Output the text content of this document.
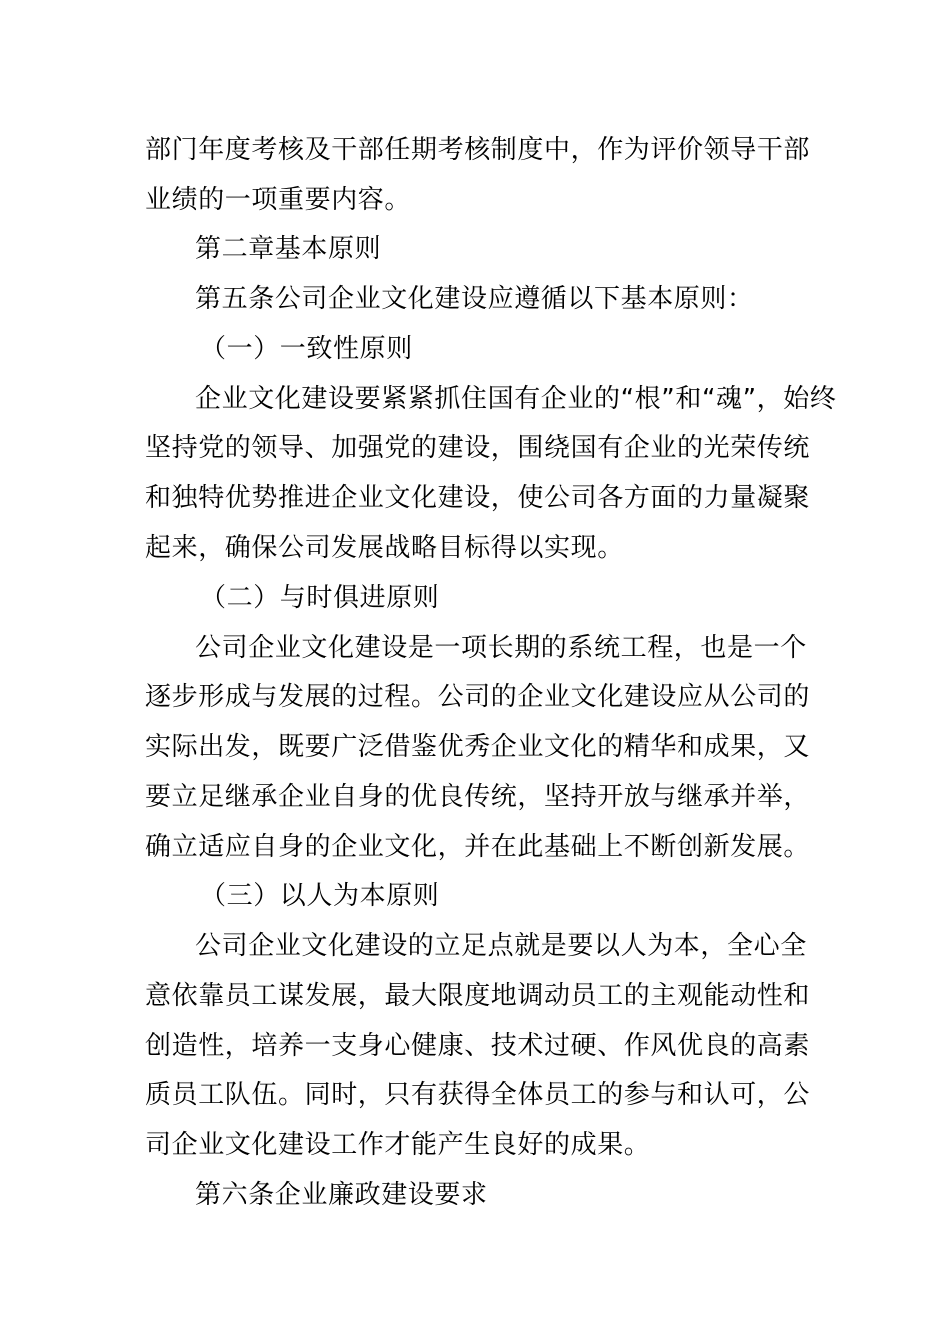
部门年度考核及干部任期考核制度中，作为评价领导干部
业绩的一项重要内容。
第二章基本原则
第五条公司企业文化建设应遵循以下基本原则：
（一）一致性原则
企业文化建设要紧紧抓住国有企业的“根”和“魂”，始终
坚持党的领导、加强党的建设，围绕国有企业的光荣传统
和独特优势推进企业文化建设，使公司各方面的力量凝聚
起来，确保公司发展战略目标得以实现。
（二）与时俱进原则
公司企业文化建设是一项长期的系统工程，也是一个
逐步形成与发展的过程。公司的企业文化建设应从公司的
实际出发，既要广泛借鉴优秀企业文化的精华和成果，又
要立足继承企业自身的优良传统，坚持开放与继承并举，
确立适应自身的企业文化，并在此基础上不断创新发展。
（三）以人为本原则
公司企业文化建设的立足点就是要以人为本，全心全
意依靠员工谋发展，最大限度地调动员工的主观能动性和
创造性，培养一支身心健康、技术过硬、作风优良的高素
质员工队伍。同时，只有获得全体员工的参与和认可，公
司企业文化建设工作才能产生良好的成果。
第六条企业廉政建设要求
